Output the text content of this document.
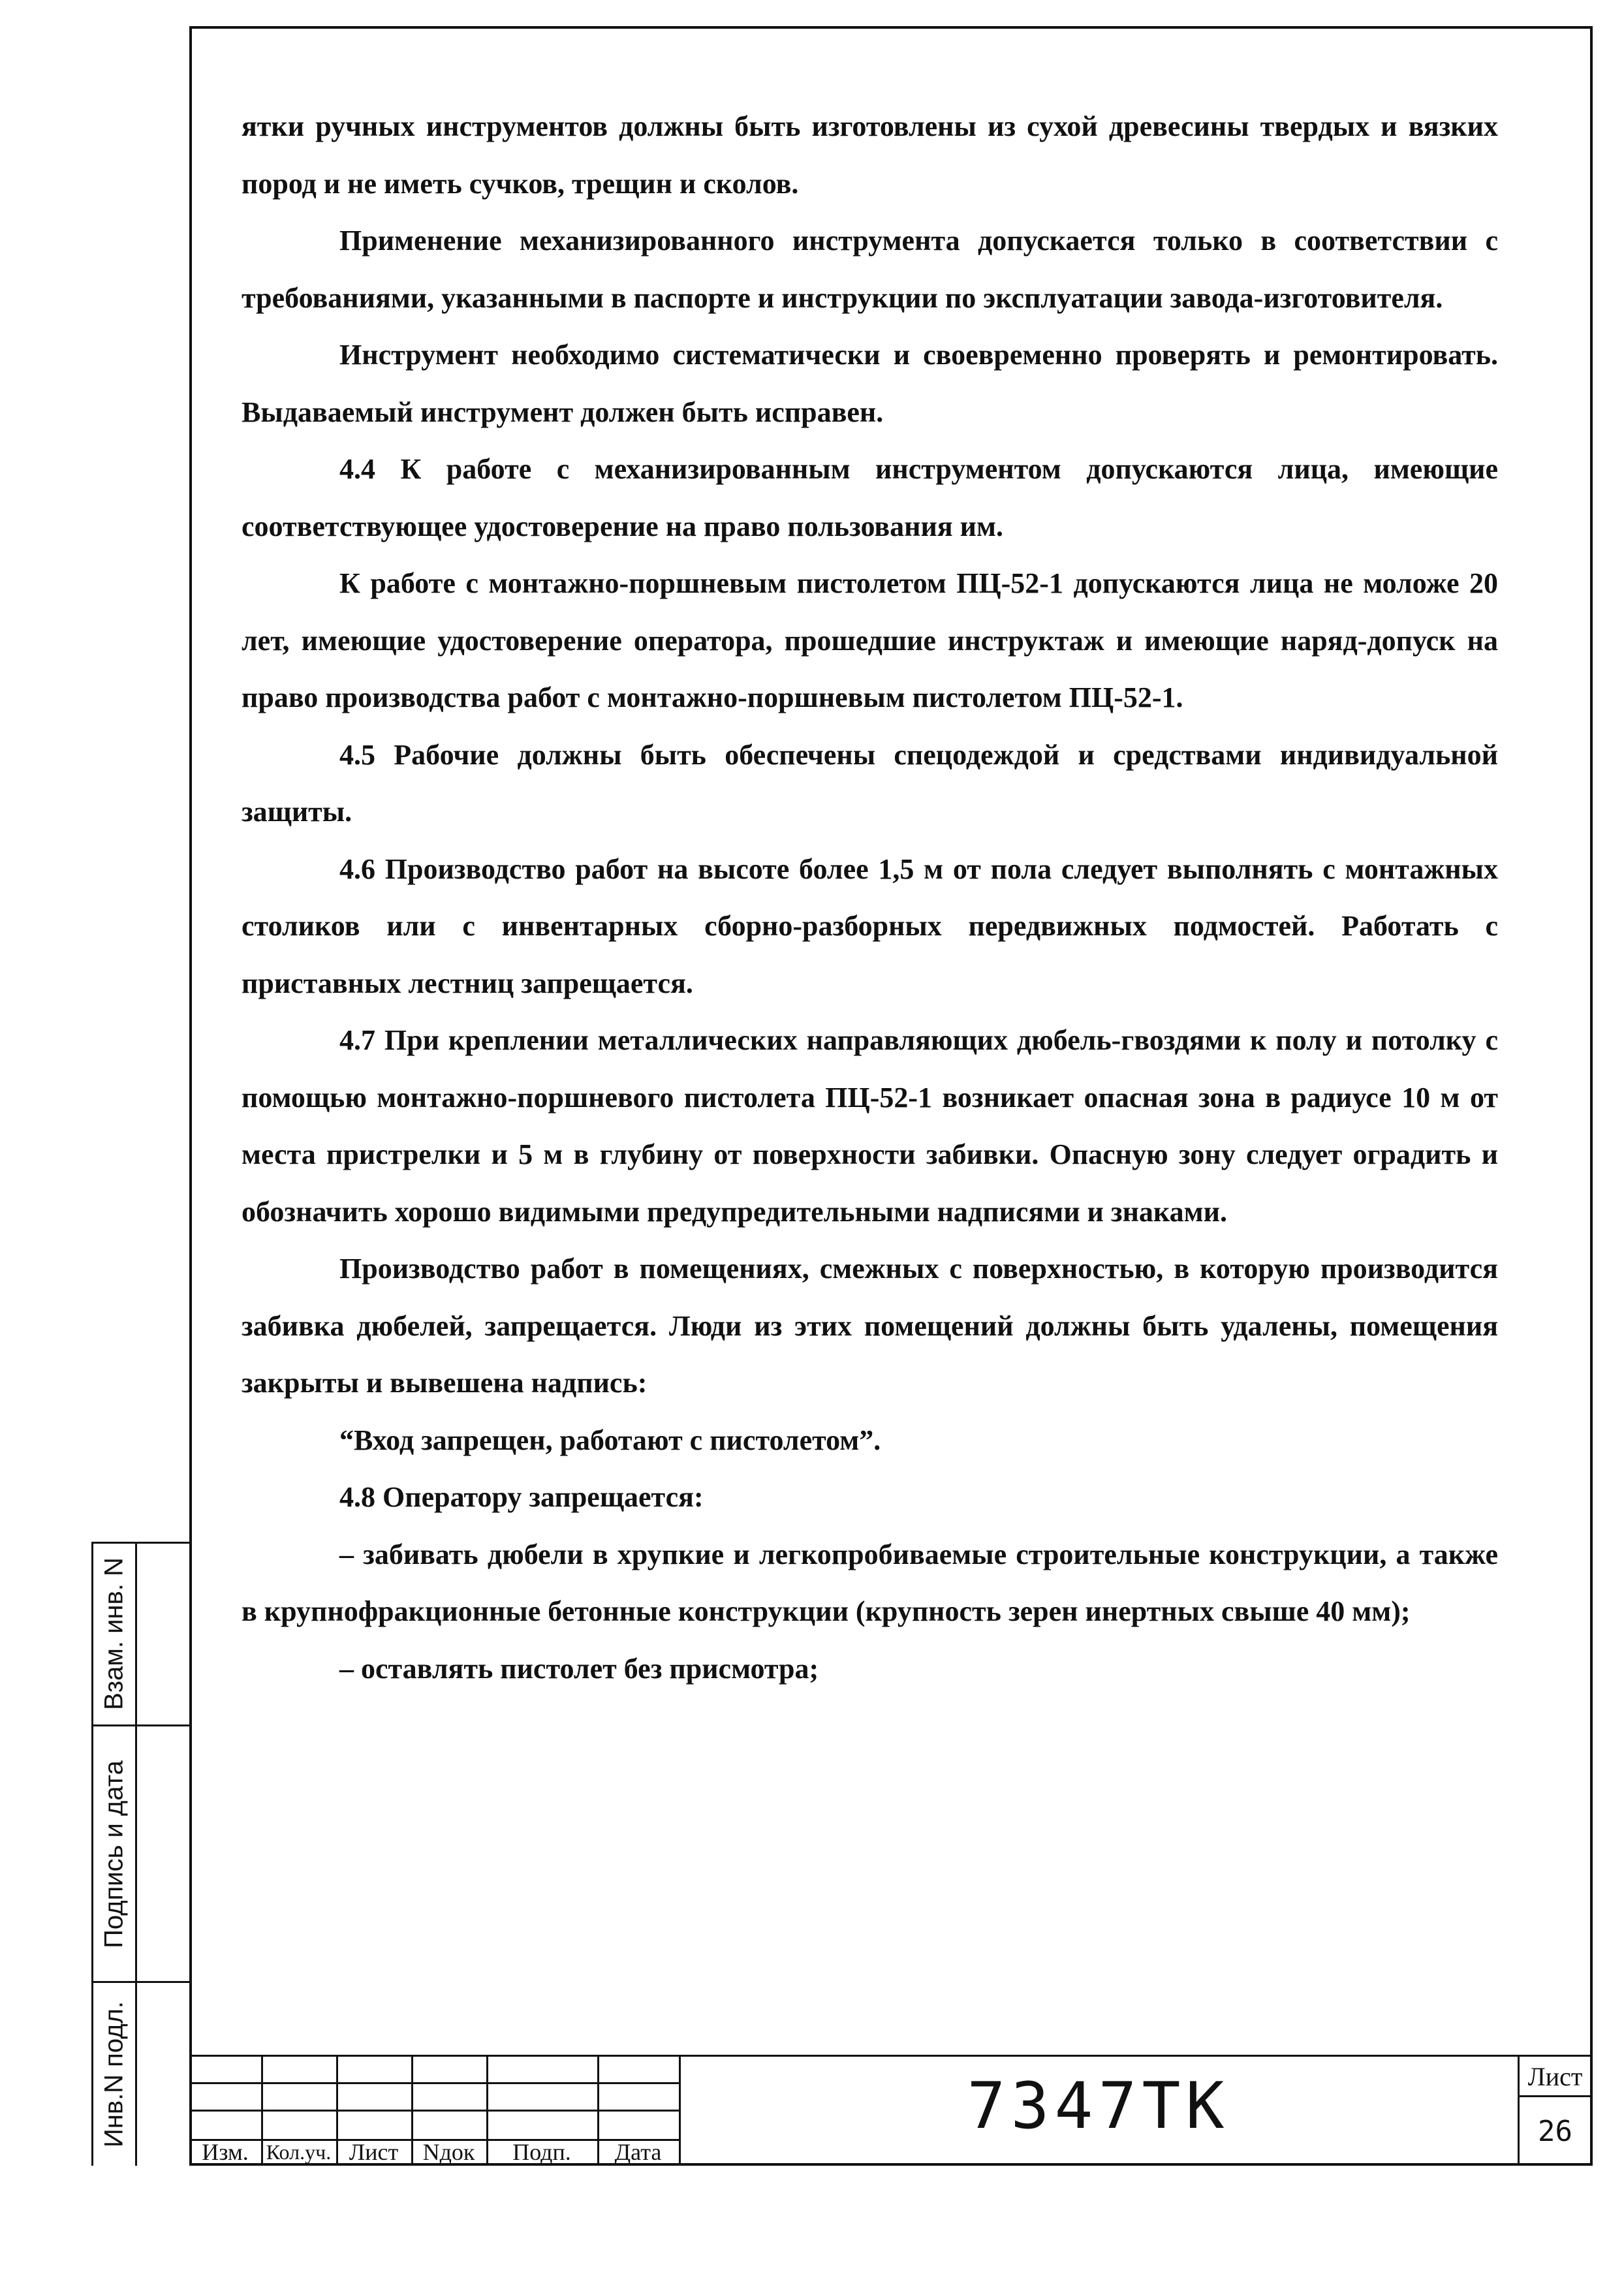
ятки ручных инструментов должны быть изготовлены из сухой древесины твердых и вязких пород и не иметь сучков, трещин и сколов.

Применение механизированного инструмента допускается только в соответствии с требованиями, указанными в паспорте и инструкции по эксплуатации завода-изготовителя.

Инструмент необходимо систематически и своевременно проверять и ремонтировать. Выдаваемый инструмент должен быть исправен.

4.4 К работе с механизированным инструментом допускаются лица, имеющие соответствующее удостоверение на право пользования им.

К работе с монтажно-поршневым пистолетом ПЦ-52-1 допускаются лица не моложе 20 лет, имеющие удостоверение оператора, прошедшие инструктаж и имеющие наряд-допуск на право производства работ с монтажно-поршневым пистолетом ПЦ-52-1.

4.5 Рабочие должны быть обеспечены спецодеждой и средствами индивидуальной защиты.

4.6 Производство работ на высоте более 1,5 м от пола следует выполнять с монтажных столиков или с инвентарных сборно-разборных передвижных подмостей. Работать с приставных лестниц запрещается.

4.7 При креплении металлических направляющих дюбель-гвоздями к полу и потолку с помощью монтажно-поршневого пистолета ПЦ-52-1 возникает опасная зона в радиусе 10 м от места пристрелки и 5 м в глубину от поверхности забивки. Опасную зону следует оградить и обозначить хорошо видимыми предупредительными надписями и знаками.

Производство работ в помещениях, смежных с поверхностью, в которую производится забивка дюбелей, запрещается. Люди из этих помещений должны быть удалены, помещения закрыты и вывешена надпись:

“Вход запрещен, работают с пистолетом”.

4.8 Оператору запрещается:

– забивать дюбели в хрупкие и легкопробиваемые строительные конструкции, а также в крупнофракционные бетонные конструкции (крупность зерен инертных свыше 40 мм);

– оставлять пистолет без присмотра;

Взам. инв. N
Подпись и дата
Инв.N подл.
Изм. Кол.уч. Лист	Nдок	Подп.	Дата
7347ТК	Лист
26
